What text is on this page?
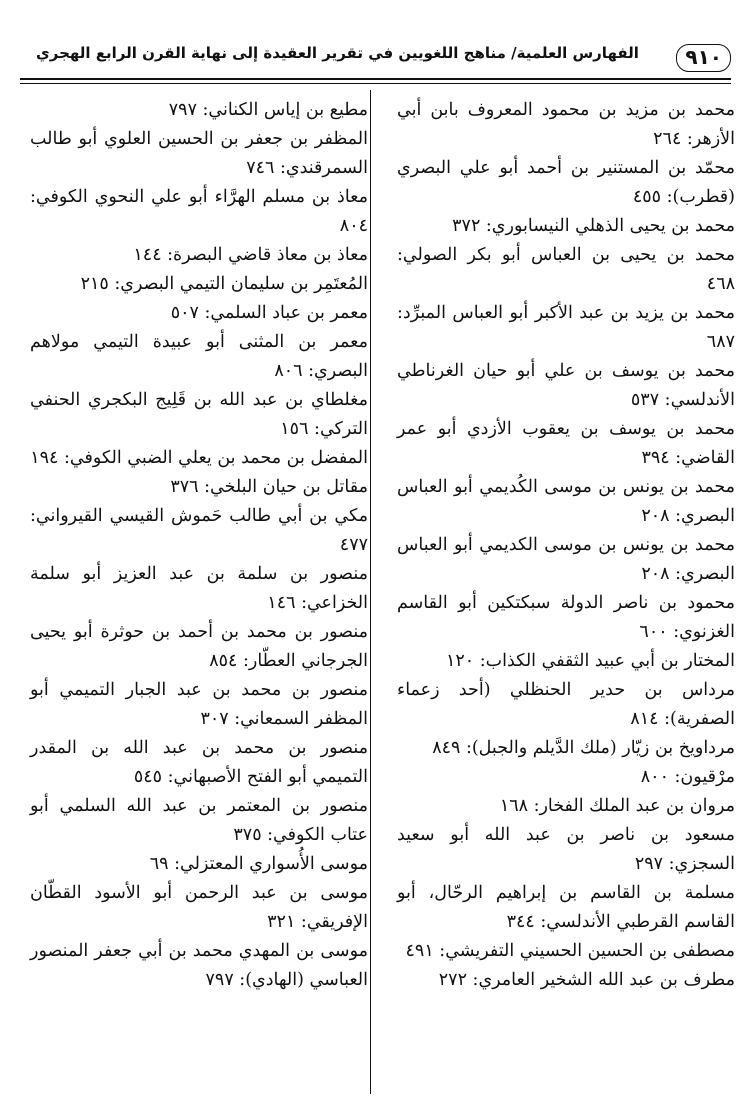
٩١٠
الفهارس العلمية/ مناهج اللغويين في تقرير العقيدة إلى نهاية القرن الرابع الهجري
محمد بن مزيد بن محمود المعروف بابن أبي الأزهر: ٢٦٤
محمّد بن المستنير بن أحمد أبو علي البصري (قطرب): ٤٥٥
محمد بن يحيى الذهلي النيسابوري: ٣٧٢
محمد بن يحيى بن العباس أبو بكر الصولي: ٤٦٨
محمد بن يزيد بن عبد الأكبر أبو العباس المبرِّد: ٦٨٧
محمد بن يوسف بن علي أبو حيان الغرناطي الأندلسي: ٥٣٧
محمد بن يوسف بن يعقوب الأزدي أبو عمر القاضي: ٣٩٤
محمد بن يونس بن موسى الكُديمي أبو العباس البصري: ٢٠٨
محمد بن يونس بن موسى الكديمي أبو العباس البصري: ٢٠٨
محمود بن ناصر الدولة سبكتكين أبو القاسم الغزنوي: ٦٠٠
المختار بن أبي عبيد الثقفي الكذاب: ١٢٠
مرداس بن حدير الحنظلي (أحد زعماء الصفرية): ٨١٤
مرداويخ بن زيّار (ملك الدَّيلم والجبل): ٨٤٩
مرْقيون: ٨٠٠
مروان بن عبد الملك الفخار: ١٦٨
مسعود بن ناصر بن عبد الله أبو سعيد السجزي: ٢٩٧
مسلمة بن القاسم بن إبراهيم الرحّال، أبو القاسم القرطبي الأندلسي: ٣٤٤
مصطفى بن الحسين الحسيني التفريشي: ٤٩١
مطرف بن عبد الله الشخير العامري: ٢٧٢
مطيع بن إياس الكناني: ٧٩٧
المظفر بن جعفر بن الحسين العلوي أبو طالب السمرقندي: ٧٤٦
معاذ بن مسلم الهرَّاء أبو علي النحوي الكوفي: ٨٠٤
معاذ بن معاذ قاضي البصرة: ١٤٤
المُعتَمِر بن سليمان التيمي البصري: ٢١٥
معمر بن عباد السلمي: ٥٠٧
معمر بن المثنى أبو عبيدة التيمي مولاهم البصري: ٨٠٦
مغلطاي بن عبد الله بن قَلِيج البكجري الحنفي التركي: ١٥٦
المفضل بن محمد بن يعلي الضبي الكوفي: ١٩٤
مقاتل بن حيان البلخي: ٣٧٦
مكي بن أبي طالب حَموش القيسي القيرواني: ٤٧٧
منصور بن سلمة بن عبد العزيز أبو سلمة الخزاعي: ١٤٦
منصور بن محمد بن أحمد بن حوثرة أبو يحيى الجرجاني العطّار: ٨٥٤
منصور بن محمد بن عبد الجبار التميمي أبو المظفر السمعاني: ٣٠٧
منصور بن محمد بن عبد الله بن المقدر التميمي أبو الفتح الأصبهاني: ٥٤٥
منصور بن المعتمر بن عبد الله السلمي أبو عتاب الكوفي: ٣٧٥
موسى الأُسواري المعتزلي: ٦٩
موسى بن عبد الرحمن أبو الأسود القطّان الإفريقي: ٣٢١
موسى بن المهدي محمد بن أبي جعفر المنصور العباسي (الهادي): ٧٩٧
